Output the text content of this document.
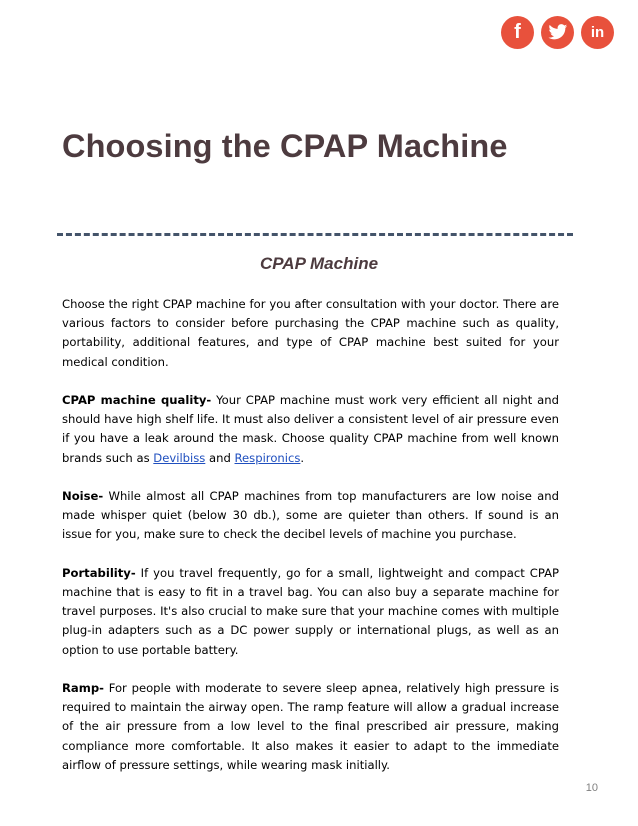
f	in
Choosing the CPAP Machine
CPAP Machine

Choose the right CPAP machine for you after consultation with your doctor. There are various factors to consider before purchasing the CPAP machine such as quality, portability, additional features, and type of CPAP machine best suited for your medical condition.

CPAP machine quality- Your CPAP machine must work very efficient all night and should have high shelf life. It must also deliver a consistent level of air pressure even if you have a leak around the mask. Choose quality CPAP machine from well known brands such as Devilbiss and Respironics.

Noise- While almost all CPAP machines from top manufacturers are low noise and made whisper quiet (below 30 db.), some are quieter than others. If sound is an issue for you, make sure to check the decibel levels of machine you purchase.

Portability- If you travel frequently, go for a small, lightweight and compact CPAP machine that is easy to fit in a travel bag. You can also buy a separate machine for travel purposes. It's also crucial to make sure that your machine comes with multiple plug-in adapters such as a DC power supply or international plugs, as well as an option to use portable battery.

Ramp- For people with moderate to severe sleep apnea, relatively high pressure is required to maintain the airway open. The ramp feature will allow a gradual increase of the air pressure from a low level to the final prescribed air pressure, making compliance more comfortable. It also makes it easier to adapt to the immediate airflow of pressure settings, while wearing mask initially.

10
